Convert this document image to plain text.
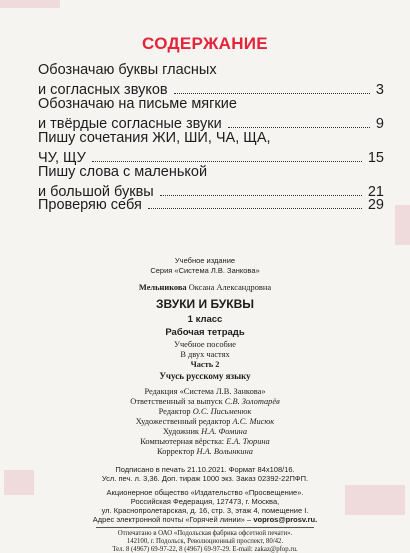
СОДЕРЖАНИЕ
Обозначаю буквы гласных
и согласных звуков	3
Обозначаю на письме мягкие
и твёрдые согласные звуки	9
Пишу сочетания ЖИ, ШИ, ЧА, ЩА,
ЧУ, ЩУ	15
Пишу слова с маленькой
и большой буквы	21
Проверяю себя	29
Учебное издание
Серия «Система Л.В. Занкова»
Мельникова Оксана Александровна
ЗВУКИ И БУКВЫ
1 класс
Рабочая тетрадь
Учебное пособие
В двух частях
Часть 2
Учусь русскому языку
Редакция «Система Л.В. Занкова»
Ответственный за выпуск С.В. Золотарёв
Редактор О.С. Письменюк
Художественный редактор А.С. Мисюк
Художник Н.А. Фомина
Компьютерная вёрстка: Е.А. Тюрина
Корректор Н.А. Волынкина
Подписано в печать 21.10.2021. Формат 84х108/16.
Усл. печ. л. 3,36. Доп. тираж 1000 экз. Заказ 02392-22ПФП.
Акционерное общество «Издательство «Просвещение».
Российская Федерация, 127473, г. Москва,
ул. Краснопролетарская, д. 16, стр. 3, этаж 4, помещение I.
Адрес электронной почты «Горячей линии» – vopros@prosv.ru.
Отпечатано в ОАО «Подольская фабрика офсетной печати».
142100, г. Подольск, Революционный проспект, 80/42.
Тел. 8 (4967) 69-97-22, 8 (4967) 69-97-29. E-mail: zakaz@pfop.ru.
